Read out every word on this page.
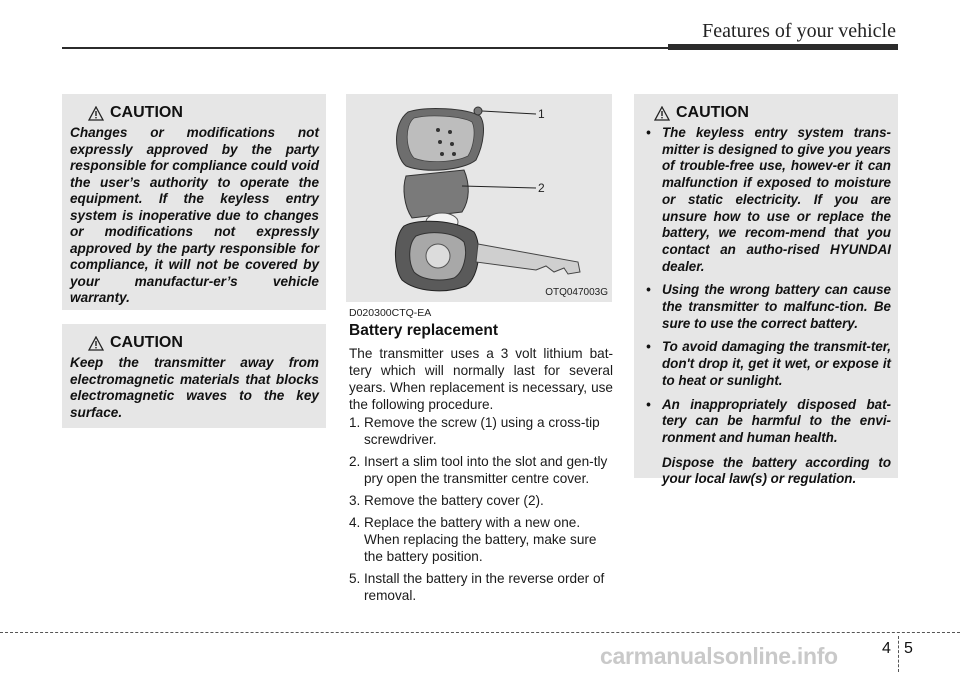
Features of your vehicle
CAUTION

Changes or modifications not expressly approved by the party responsible for compliance could void the user’s authority to operate the equipment. If the keyless entry system is inoperative due to changes or modifications not expressly approved by the party responsible for compliance, it will not be covered by your manufactur-er’s vehicle warranty.

CAUTION

Keep the transmitter away from electromagnetic materials that blocks electromagnetic waves to the key surface.

1
2
OTQ047003G
D020300CTQ-EA
Battery replacement

The transmitter uses a 3 volt lithium bat-tery which will normally last for several years. When replacement is necessary, use the following procedure.

1. Remove the screw (1) using a cross-tip screwdriver.
2. Insert a slim tool into the slot and gen-tly pry open the transmitter centre cover.
3. Remove the battery cover (2).
4. Replace the battery with a new one. When replacing the battery, make sure the battery position.
5. Install the battery in the reverse order of removal.
CAUTION
• The keyless entry system trans-mitter is designed to give you years of trouble-free use, howev-er it can malfunction if exposed to moisture or static electricity. If you are unsure how to use or replace the battery, we recom-mend that you contact an autho-rised HYUNDAI dealer.

• Using the wrong battery can cause the transmitter to malfunc-tion. Be sure to use the correct battery.

• To avoid damaging the transmit-ter, don't drop it, get it wet, or expose it to heat or sunlight.

• An inappropriately disposed bat-tery can be harmful to the envi-ronment and human health.

Dispose the battery according to your local law(s) or regulation.

carmanualsonline.info	4 5
